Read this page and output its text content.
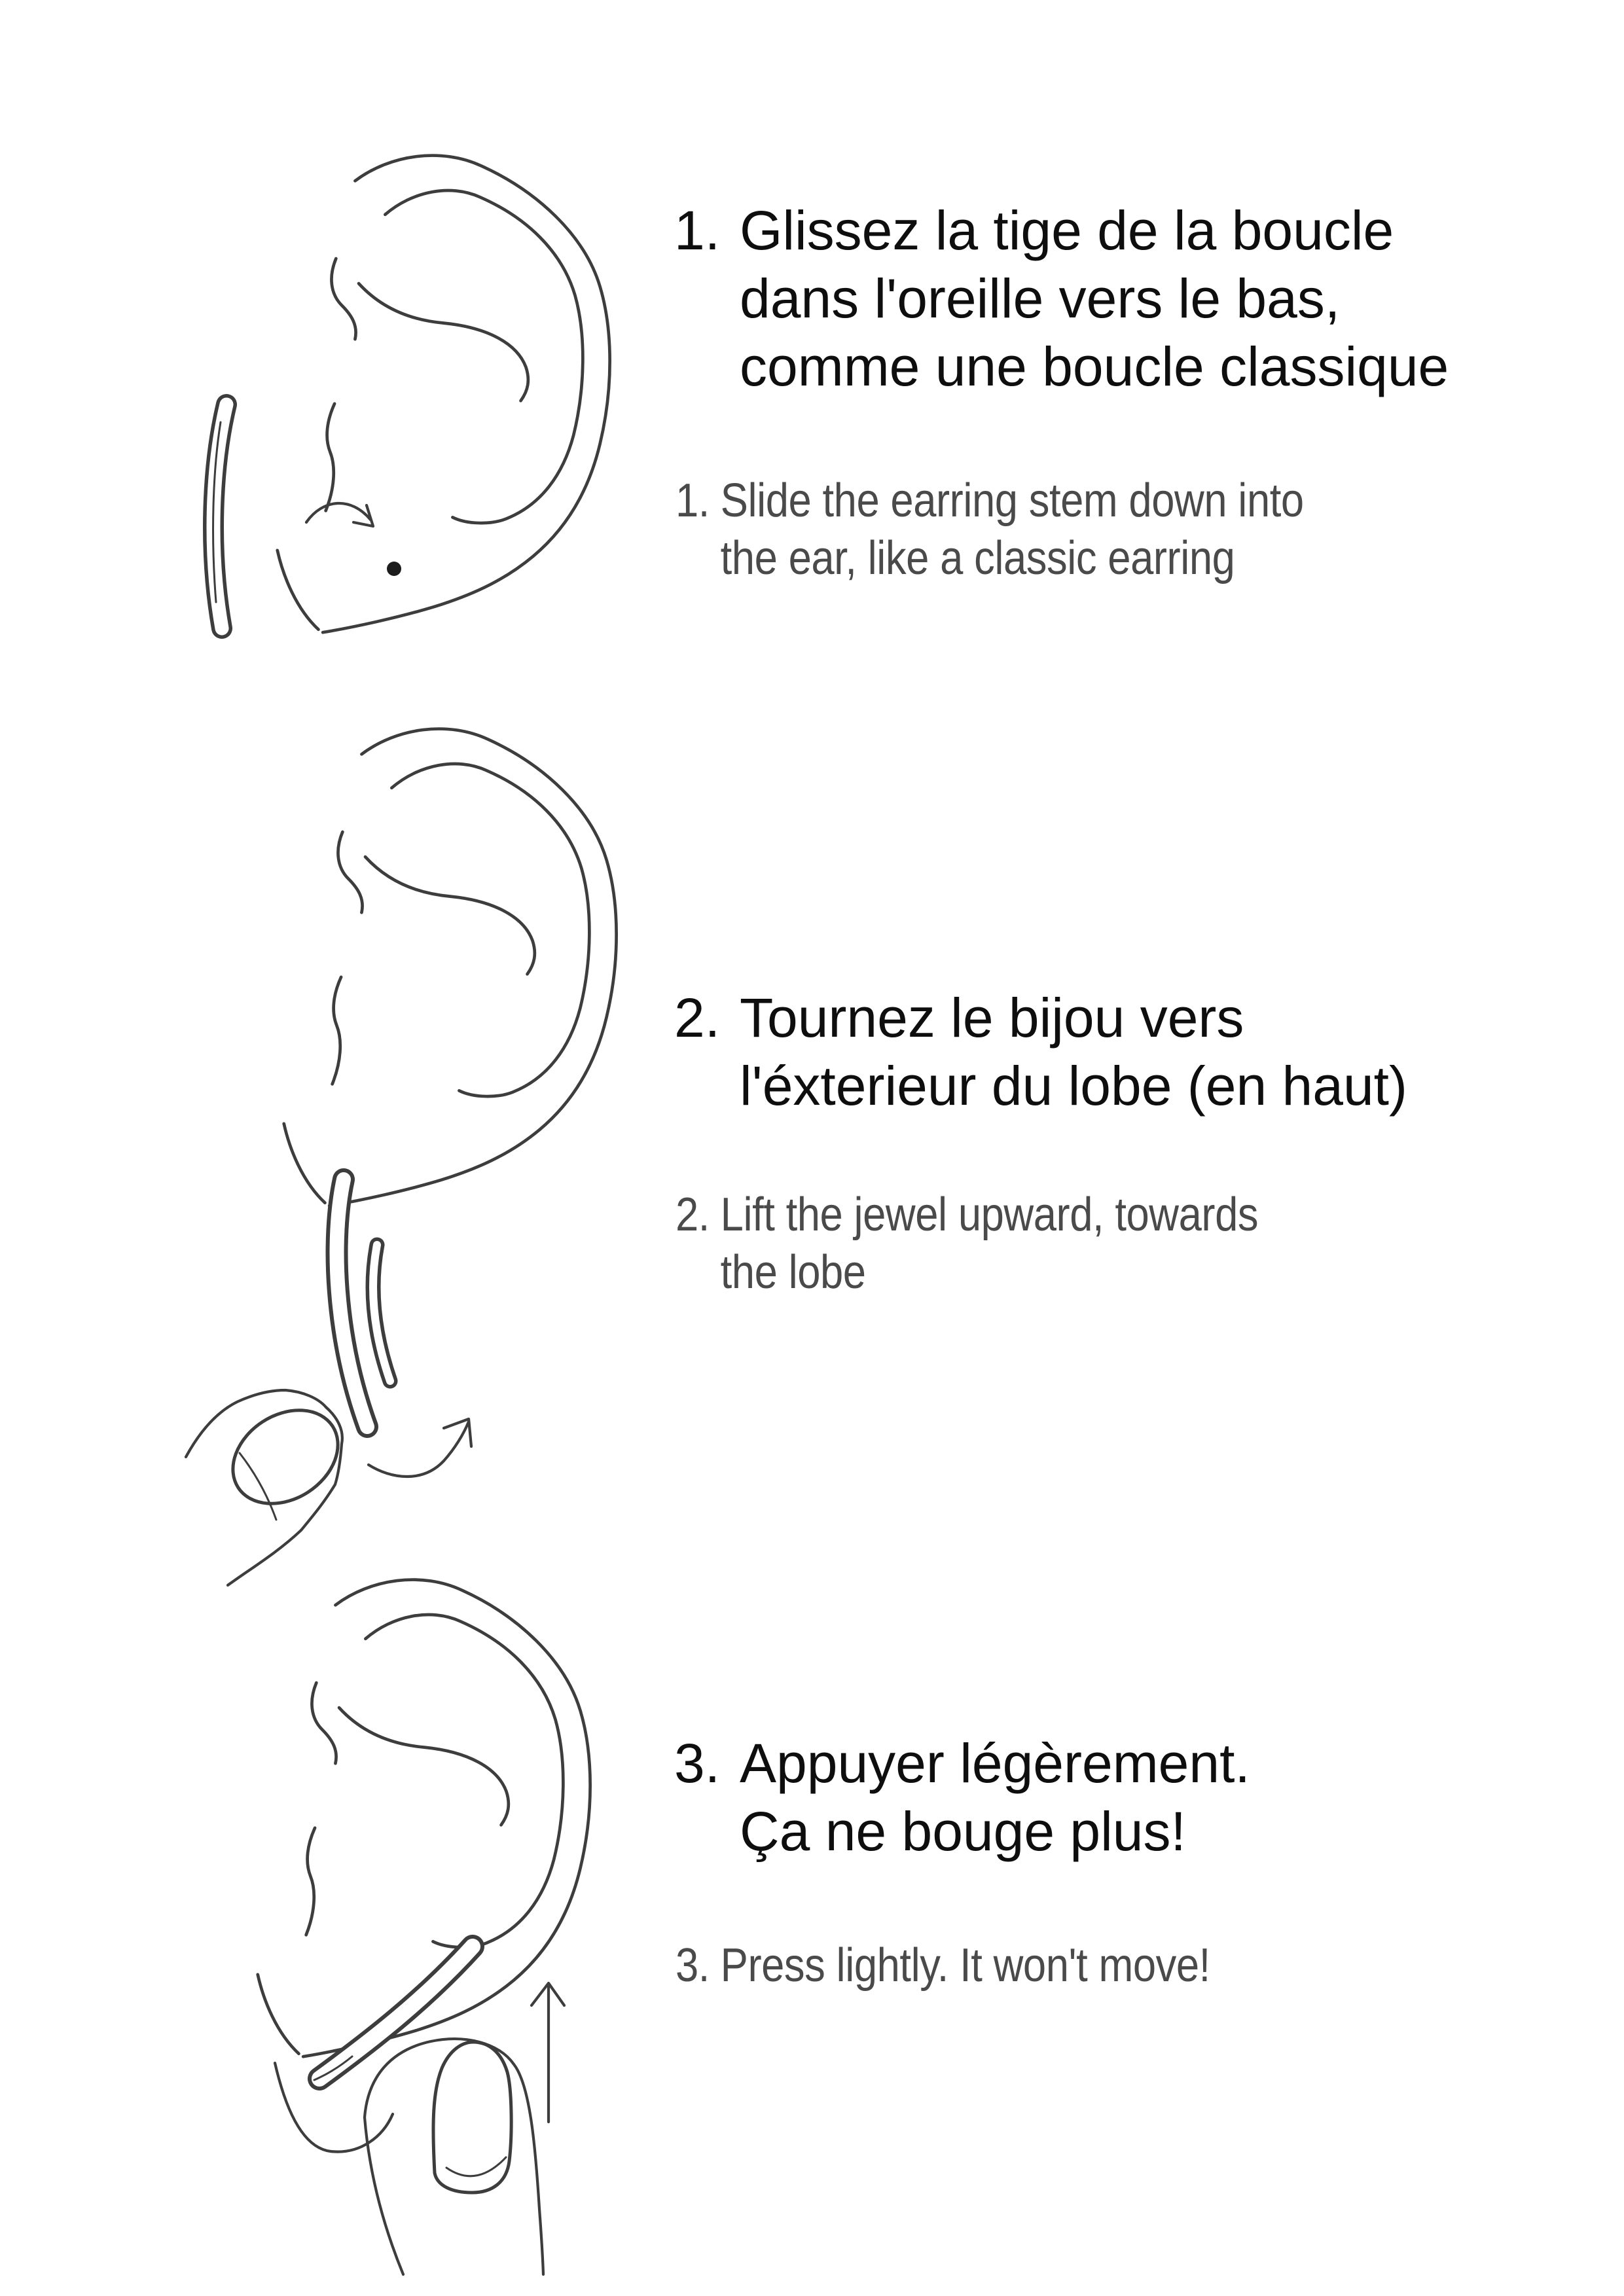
1. Glissez la tige de la boucle
dans l'oreille vers le bas,
comme une boucle classique
1. Slide the earring stem down into
the ear, like a classic earring
2. Tournez le bijou vers
l'éxterieur du lobe (en haut)
2. Lift the jewel upward, towards
the lobe
3. Appuyer légèrement.
Ça ne bouge plus!
3. Press lightly. It won't move!
